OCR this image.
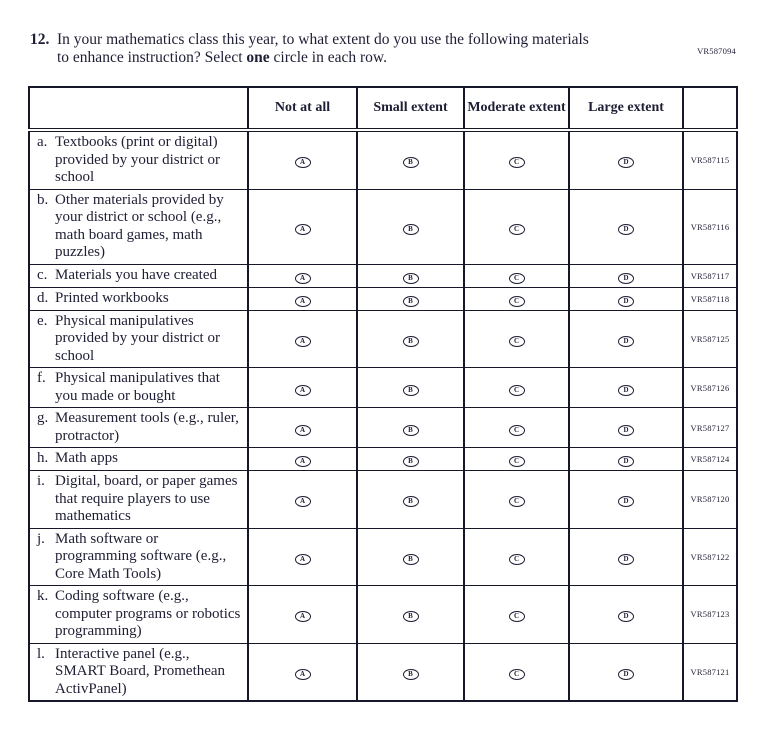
VR587094
12. In your mathematics class this year, to what extent do you use the following materials
to enhance instruction? Select one circle in each row.
	Not at all	Small extent	Moderate extent	Large extent	
a. Textbooks (print or digital) provided by your district or school	A	B	C	D	VR587115
b. Other materials provided by your district or school (e.g., math board games, math puzzles)	A	B	C	D	VR587116
c. Materials you have created	A	B	C	D	VR587117
d. Printed workbooks	A	B	C	D	VR587118
e. Physical manipulatives provided by your district or school	A	B	C	D	VR587125
f. Physical manipulatives that you made or bought	A	B	C	D	VR587126
g. Measurement tools (e.g., ruler, protractor)	A	B	C	D	VR587127
h. Math apps	A	B	C	D	VR587124
i. Digital, board, or paper games that require players to use mathematics	A	B	C	D	VR587120
j. Math software or programming software (e.g., Core Math Tools)	A	B	C	D	VR587122
k. Coding software (e.g., computer programs or robotics programming)	A	B	C	D	VR587123
l. Interactive panel (e.g., SMART Board, Promethean ActivPanel)	A	B	C	D	VR587121
